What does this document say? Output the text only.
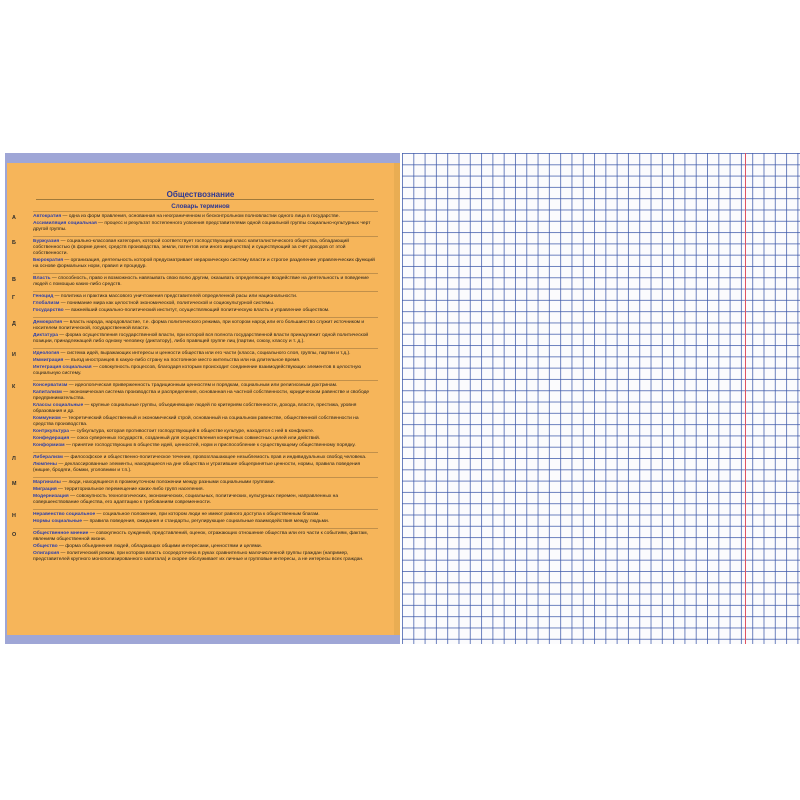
Обществознание
Словарь терминов
А	Автократия — одна из форм правления, основанная на неограниченном и бесконтрольном полновластии одного лица в государстве.
Ассимиляция социальная — процесс и результат постепенного усвоения представителями одной социальной группы социально-культурных черт другой группы.
Б	Буржуазия — социально-классовая категория, которой соответствует господствующий класс капиталистического общества, обладающий собственностью (в форме денег, средств производства, земли, патентов или иного имущества) и существующий за счёт доходов от этой собственности.
Бюрократия — организация, деятельность которой предусматривает иерархическую систему власти и строгое разделение управленческих функций на основе формальных норм, правил и процедур.
В	Власть — способность, право и возможность навязывать свою волю другим, оказывать определяющее воздействие на деятельность и поведение людей с помощью каких-либо средств.
Г	Геноцид — политика и практика массового уничтожения представителей определенной расы или национальности.
Глобализм — понимание мира как целостной экономической, политической и социокультурной системы.
Государство — важнейший социально-политический институт, осуществляющий политическую власть и управление обществом.
Д	Демократия — власть народа, народовластие, т.е. форма политического режима, при котором народ или его большинство служит источником и носителем политической, государственной власти.
Диктатура — форма осуществления государственной власти, при которой вся полнота государственной власти принадлежит одной политической позиции, принадлежащей либо одному человеку (диктатору), либо правящей группе лиц (партии, союзу, классу и т. д.).
И	Идеология — система идей, выражающих интересы и ценности общества или его части (класса, социального слоя, группы, партии и т.д.).
Иммиграция — въезд иностранцев в какую-либо страну на постоянное место жительства или на длительное время.
Интеграция социальная — совокупность процессов, благодаря которым происходит соединение взаимодействующих элементов в целостную социальную систему.
К	Консерватизм — идеологическая приверженность традиционным ценностям и порядкам, социальным или религиозным доктринам.
Капитализм — экономическая система производства и распределения, основанная на частной собственности, юридическом равенстве и свободе предпринимательства.
Классы социальные — крупные социальные группы, объединяющие людей по критериям собственности, дохода, власти, престижа, уровня образования и др.
Коммунизм — теоретический общественный и экономический строй, основанный на социальном равенстве, общественной собственности на средства производства.
Контркультура — субкультура, которая противостоит господствующей в обществе культуре, находится с ней в конфликте.
Конфедерация — союз суверенных государств, созданный для осуществления конкретных совместных целей или действий.
Конформизм — принятие господствующих в обществе идей, ценностей, норм и приспособление к существующему общественному порядку.
Л	Либерализм — философское и общественно-политическое течение, провозглашающее незыблемость прав и индивидуальных свобод человека.
Люмпены — деклассированные элементы, находящиеся на дне общества и утратившие общепринятые ценности, нормы, правила поведения (нищие, бродяги, бомжи, уголовники и т.п.).
М	Маргиналы — люди, находящиеся в промежуточном положении между разными социальными группами.
Миграция — территориальное перемещение каких-либо групп населения.
Модернизация — совокупность технологических, экономических, социальных, политических, культурных перемен, направленных на совершенствование общества, его адаптацию к требованиям современности.
Н	Неравенство социальное — социальное положение, при котором люди не имеют равного доступа к общественным благам.
Нормы социальные — правила поведения, ожидания и стандарты, регулирующие социальные взаимодействия между людьми.
О	Общественное мнение — совокупность суждений, представлений, оценок, отражающих отношение общества или его части к событиям, фактам, явлениям общественной жизни.
Общество — форма объединения людей, обладающих общими интересами, ценностями и целями.
Олигархия — политический режим, при котором власть сосредоточена в руках сравнительно малочисленной группы граждан (например, представителей крупного монополизированного капитала) и скорее обслуживает их личные и групповые интересы, а не интересы всех граждан.
